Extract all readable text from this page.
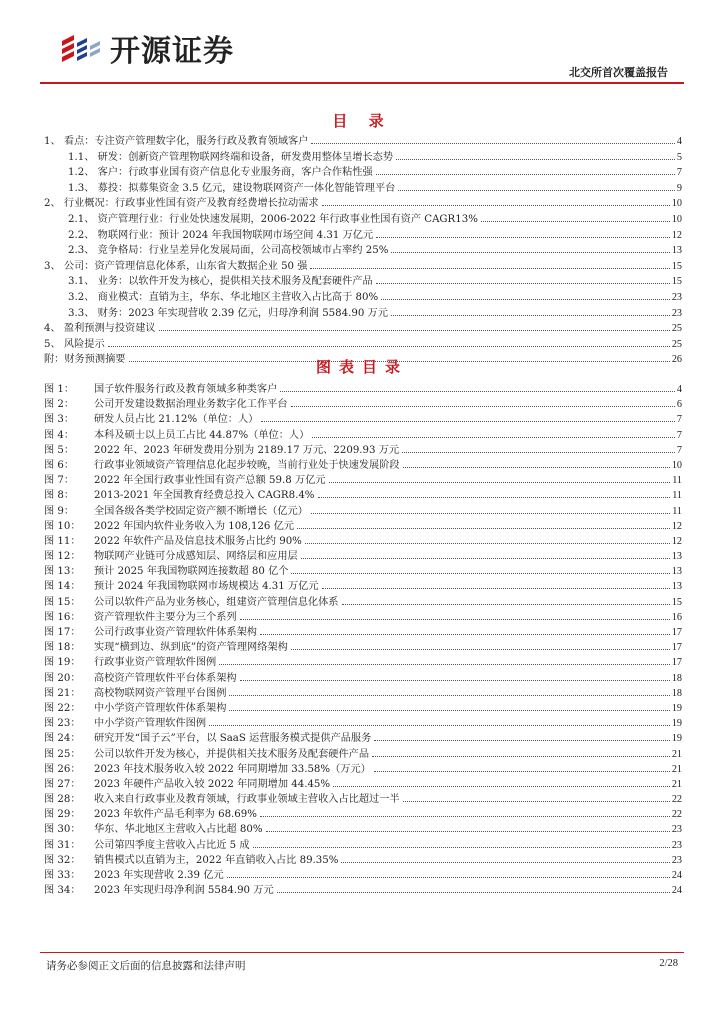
开源证券
北交所首次覆盖报告
目 录
1、 看点：专注资产管理数字化，服务行政及教育领域客户	4
1.1、 研发：创新资产管理物联网终端和设备，研发费用整体呈增长态势	5
1.2、 客户：行政事业国有资产信息化专业服务商，客户合作粘性强	7
1.3、 募投：拟募集资金 3.5 亿元，建设物联网资产一体化智能管理平台	9
2、 行业概况：行政事业性国有资产及教育经费增长拉动需求	10
2.1、 资产管理行业：行业处快速发展期，2006-2022 年行政事业性国有资产 CAGR13%	10
2.2、 物联网行业：预计 2024 年我国物联网市场空间 4.31 万亿元	12
2.3、 竞争格局：行业呈差异化发展局面，公司高校领域市占率约 25%	13
3、 公司：资产管理信息化体系，山东省大数据企业 50 强	15
3.1、 业务：以软件开发为核心，提供相关技术服务及配套硬件产品	15
3.2、 商业模式：直销为主，华东、华北地区主营收入占比高于 80%	23
3.3、 财务：2023 年实现营收 2.39 亿元，归母净利润 5584.90 万元	23
4、 盈利预测与投资建议	25
5、 风险提示	25
附：财务预测摘要	26
图表目录
图 1：	国子软件服务行政及教育领域多种类客户	4
图 2：	公司开发建设数据治理业务数字化工作平台	6
图 3：	研发人员占比 21.12%（单位：人）	7
图 4：	本科及硕士以上员工占比 44.87%（单位：人）	7
图 5：	2022 年、2023 年研发费用分别为 2189.17 万元、2209.93 万元	7
图 6：	行政事业领域资产管理信息化起步较晚，当前行业处于快速发展阶段	10
图 7：	2022 年全国行政事业性国有资产总额 59.8 万亿元	11
图 8：	2013-2021 年全国教育经费总投入 CAGR8.4%	11
图 9：	全国各级各类学校固定资产额不断增长（亿元）	11
图 10：	2022 年国内软件业务收入为 108,126 亿元	12
图 11：	2022 年软件产品及信息技术服务占比约 90%	12
图 12：	物联网产业链可分成感知层、网络层和应用层	13
图 13：	预计 2025 年我国物联网连接数超 80 亿个	13
图 14：	预计 2024 年我国物联网市场规模达 4.31 万亿元	13
图 15：	公司以软件产品为业务核心，组建资产管理信息化体系	15
图 16：	资产管理软件主要分为三个系列	16
图 17：	公司行政事业资产管理软件体系架构	17
图 18：	实现“横到边、纵到底”的资产管理网络架构	17
图 19：	行政事业资产管理软件图例	17
图 20：	高校资产管理软件平台体系架构	18
图 21：	高校物联网资产管理平台图例	18
图 22：	中小学资产管理软件体系架构	19
图 23：	中小学资产管理软件图例	19
图 24：	研究开发“国子云”平台，以 SaaS 运营服务模式提供产品服务	19
图 25：	公司以软件开发为核心，并提供相关技术服务及配套硬件产品	21
图 26：	2023 年技术服务收入较 2022 年同期增加 33.58%（万元）	21
图 27：	2023 年硬件产品收入较 2022 年同期增加 44.45%	21
图 28：	收入来自行政事业及教育领域，行政事业领域主营收入占比超过一半	22
图 29：	2023 年软件产品毛利率为 68.69%	22
图 30：	华东、华北地区主营收入占比超 80%	23
图 31：	公司第四季度主营收入占比近 5 成	23
图 32：	销售模式以直销为主，2022 年直销收入占比 89.35%	23
图 33：	2023 年实现营收 2.39 亿元	24
图 34：	2023 年实现归母净利润 5584.90 万元	24
请务必参阅正文后面的信息披露和法律声明	2/28
